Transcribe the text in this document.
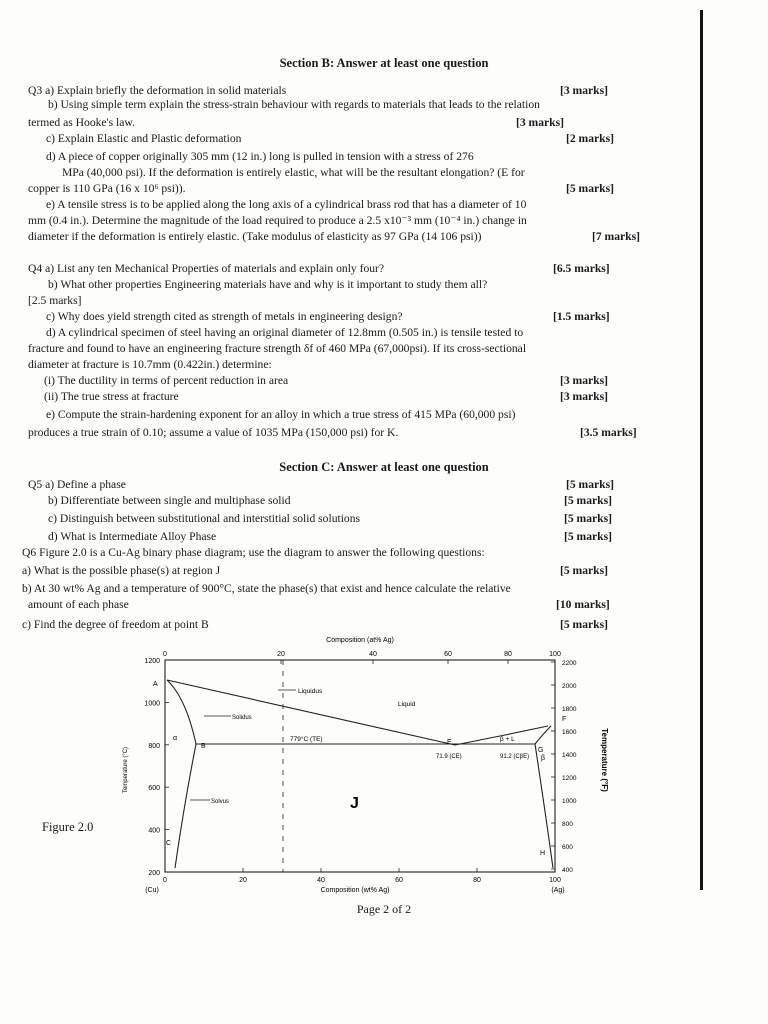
Section B: Answer at least one question
Q3 a) Explain briefly the deformation in solid materials	[3 marks]
b) Using simple term explain the stress-strain behaviour with regards to materials that leads to the relation
termed as Hooke's law.	[3 marks]
c) Explain Elastic and Plastic deformation	[2 marks]
d) A piece of copper originally 305 mm (12 in.) long is pulled in tension with a stress of 276
MPa (40,000 psi). If the deformation is entirely elastic, what will be the resultant elongation? (E for
copper is 110 GPa (16 x 10⁶ psi)).	[5 marks]
e) A tensile stress is to be applied along the long axis of a cylindrical brass rod that has a diameter of 10
mm (0.4 in.). Determine the magnitude of the load required to produce a 2.5 x10⁻³ mm (10⁻⁴ in.) change in
diameter if the deformation is entirely elastic. (Take modulus of elasticity as 97 GPa (14 106 psi))	[7 marks]
Q4 a) List any ten Mechanical Properties of materials and explain only four?	[6.5 marks]
b) What other properties Engineering materials have and why is it important to study them all?
[2.5 marks]
c) Why does yield strength cited as strength of metals in engineering design?	[1.5 marks]
d) A cylindrical specimen of steel having an original diameter of 12.8mm (0.505 in.) is tensile tested to
fracture and found to have an engineering fracture strength δf of 460 MPa (67,000psi). If its cross-sectional
diameter at fracture is 10.7mm (0.422in.) determine:
(i) The ductility in terms of percent reduction in area	[3 marks]
(ii) The true stress at fracture	[3 marks]
e) Compute the strain-hardening exponent for an alloy in which a true stress of 415 MPa (60,000 psi)
produces a true strain of 0.10; assume a value of 1035 MPa (150,000 psi) for K.	[3.5 marks]
Section C: Answer at least one question
Q5 a) Define a phase	[5 marks]
b) Differentiate between single and multiphase solid	[5 marks]
c) Distinguish between substitutional and interstitial solid solutions	[5 marks]
d) What is Intermediate Alloy Phase	[5 marks]
Q6 Figure 2.0 is a Cu-Ag binary phase diagram; use the diagram to answer the following questions:
a) What is the possible phase(s) at region J	[5 marks]
b) At 30 wt% Ag and a temperature of 900°C, state the phase(s) that exist and hence calculate the relative
amount of each phase	[10 marks]
c) Find the degree of freedom at point B	[5 marks]
Figure 2.0
Composition (at% Ag)
0	20	40	60	80	100
0	20	40	60	80	100
Composition (wt% Ag)
(Cu)	(Ag)
1200
1000
800
600
400
200
Temperature (°C)
2200
2000
1800
1600
1400
1200
1000
800
600
400
Temperature (°F)
Liquidus
Liquid
Solidus
Solvus
779°C (TE)
71.9 (CE)	91.2 (CβE)
J
A
B
C
E
F
G
H
β + L
α
β
Page 2 of 2
